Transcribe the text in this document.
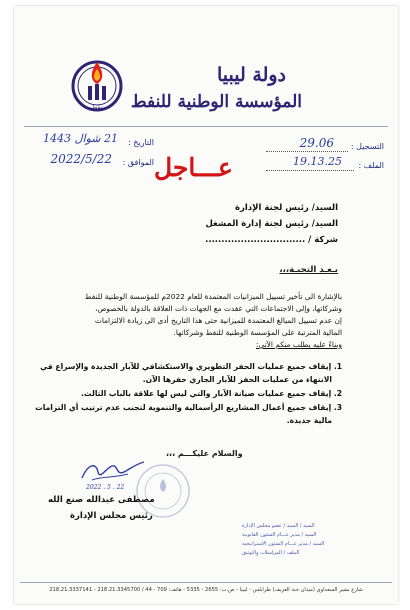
دولة ليبيا
المؤسسة الوطنية للنفط
نفط
التسجيل :
29.06
الملف :
19.13.25
التاريخ :
21 شوال 1443
الموافق :
2022/5/22 عـــاجل
السيد/ رئيس لجنة الإدارة
السيد/ رئيس لجنة إدارة المشغل
شركة / ...............................
بـعـد التحيـة،،،
بالإشارة الى تأخير تسييل الميزانيات المعتمدة للعام 2022م للمؤسسة الوطنية للنفط
وشركاتها، وإلى الاجتماعات التي عقدت مع الجهات ذات العلاقة بالدولة بالخصوص،
إن عدم تسييل المبالغ المعتمدة للميزانية حتى هذا التاريخ أدى الى زيادة الالتزامات
المالية المترتبة على المؤسسة الوطنية للنفط وشركاتها.
وبناءً عليه يطلب منكم الآتي:
1. إيقاف جميع عمليات الحفر التطويري والاستكشافي للآبار الجديدة والإسراع في
الانتهاء من عمليات الحفر للآبار الجاري حفرها الآن.
2. إيقاف جميع عمليات صيانة الآبار والتي ليس لها علاقة بالباب الثالث.
3. إيقاف جميع أعمال المشاريع الرأسمالية والتنموية لتجنب عدم ترتيب أي التزامات
مالية جديدة.
والسلام عليكـــم ،،،
22 . 5 . 2022
مصطفى عبدالله صنع الله
رئيس مجلس الإدارة
السيد / السيد / عضو مجلس الإدارة
السيد / مدير عـــام الشئون القانونية
السيد / مدير عـــام الشئون الاستراتيجية
الملف / المراسلات والتوثيق
شارع بشير السعداوي (ميدان جنة العريف) طرابلس - ليبيا - ص.ب: 2655 - 5335 - هاتف: 709 - 44 / 218.21.3345700 - 218.21.3337141
